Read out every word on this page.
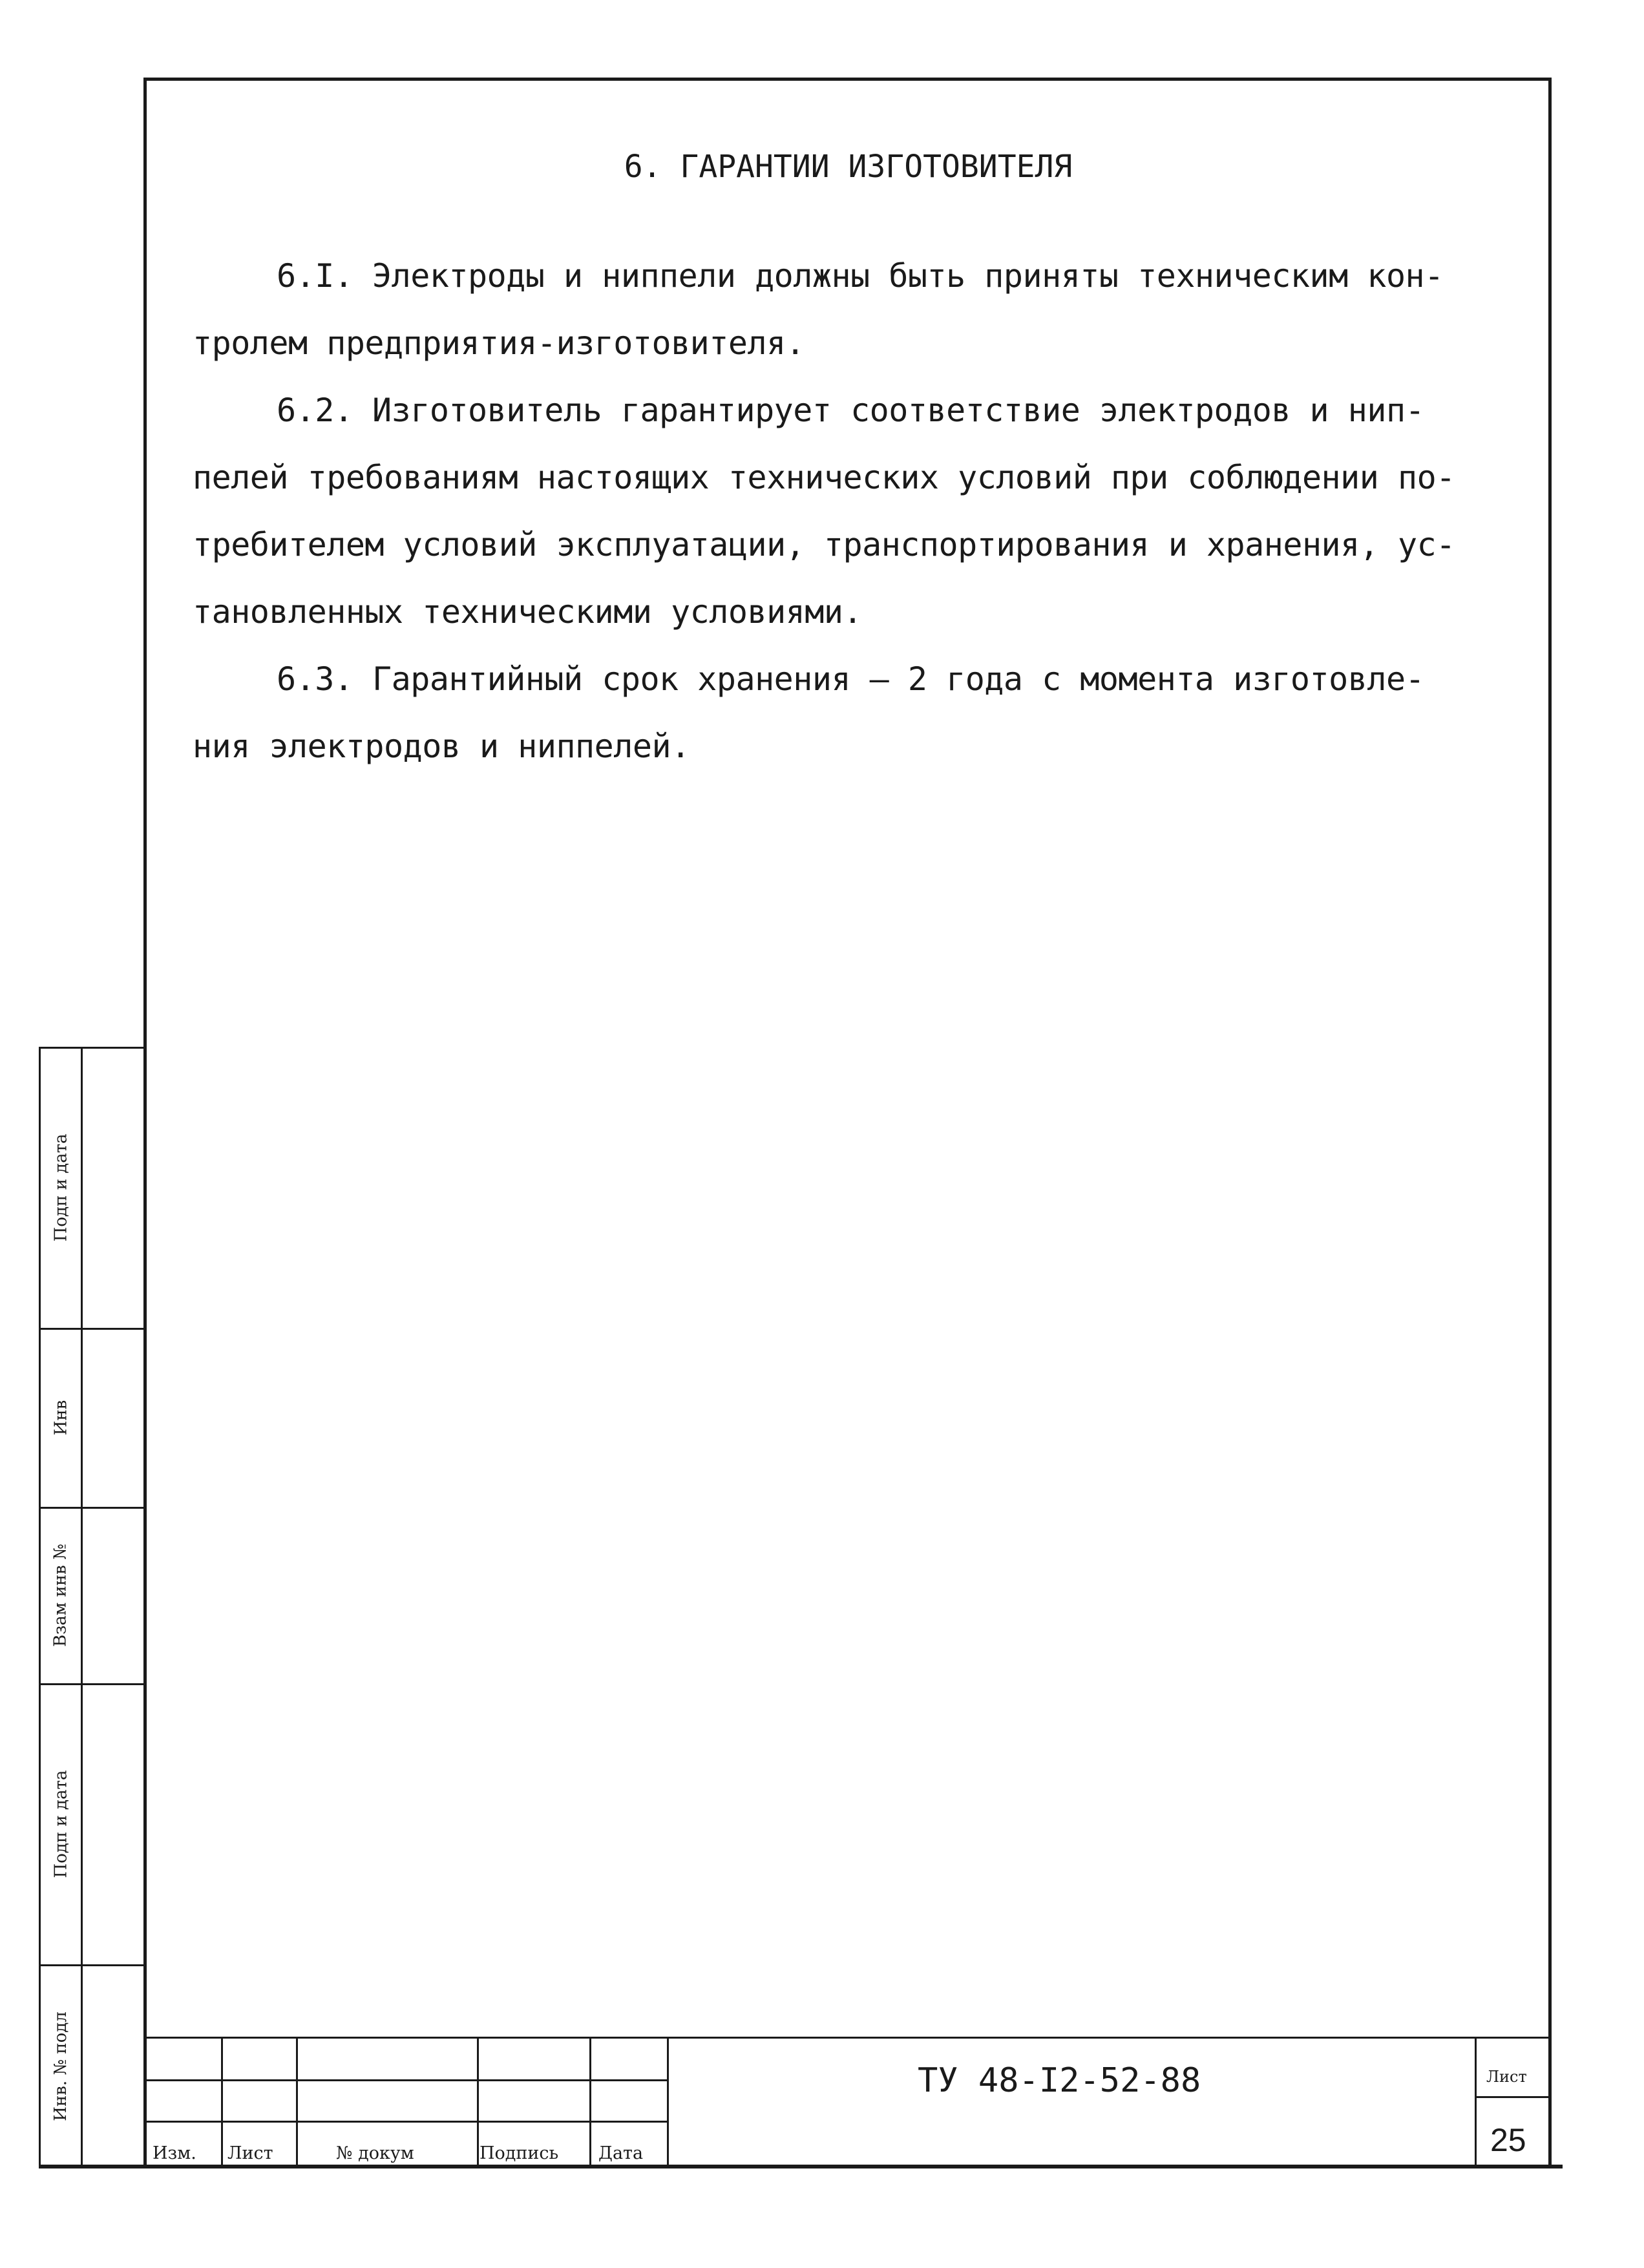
6. ГАРАНТИИ ИЗГОТОВИТЕЛЯ
6.I. Электроды и ниппели должны быть приняты техническим кон-
тролем предприятия-изготовителя.
6.2. Изготовитель гарантирует соответствие электродов и нип-
пелей требованиям настоящих технических условий при соблюдении по-
требителем условий эксплуатации, транспортирования и хранения, ус-
тановленных техническими условиями.
6.3. Гарантийный срок хранения – 2 года с момента изготовле-
ния электродов и ниппелей.
Подп и дата
Инв
Взам инв №
Подп и дата
Инв. № подл
Изм. Лист	№ докум	Подпись Дата
ТУ 48-I2-52-88	Лист
25
